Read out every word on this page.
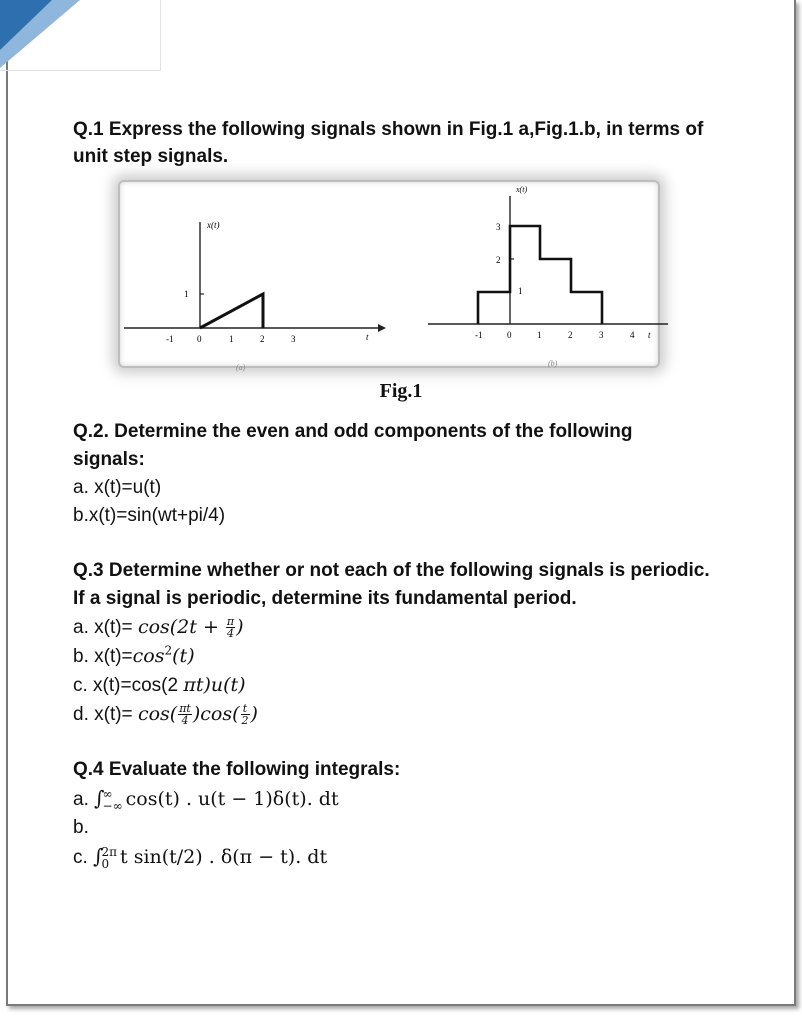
Q.1 Express the following signals shown in Fig.1 a,Fig.1.b, in terms of
unit step signals.
x(t)
t
1
-1	0	1	2	3
(a)
x(t)
3
2
1
-1	0	1	2	3	4 t
(b)
Fig.1
Q.2. Determine the even and odd components of the following
signals:
a. x(t)=u(t)
b.x(t)=sin(wt+pi/4)
Q.3 Determine whether or not each of the following signals is periodic.
If a signal is periodic, determine its fundamental period.
a. $x(t)= \cos(2t + \frac{\pi}{4}$ )
b. $x(t)=\cos^2(t)$
c. x(t)=cos(2 πt)u(t)
d. $x(t)= \cos( \frac{\pi t}{4} )\cos( \frac{t}{2}$ )
Q.4 Evaluate the following integrals:
a. ∫
∞
−∞ cos(t) . u(t − 1)δ(t). dt
b.
c. ∫
2π
0 t sin(t/2) . δ(π − t). dt
